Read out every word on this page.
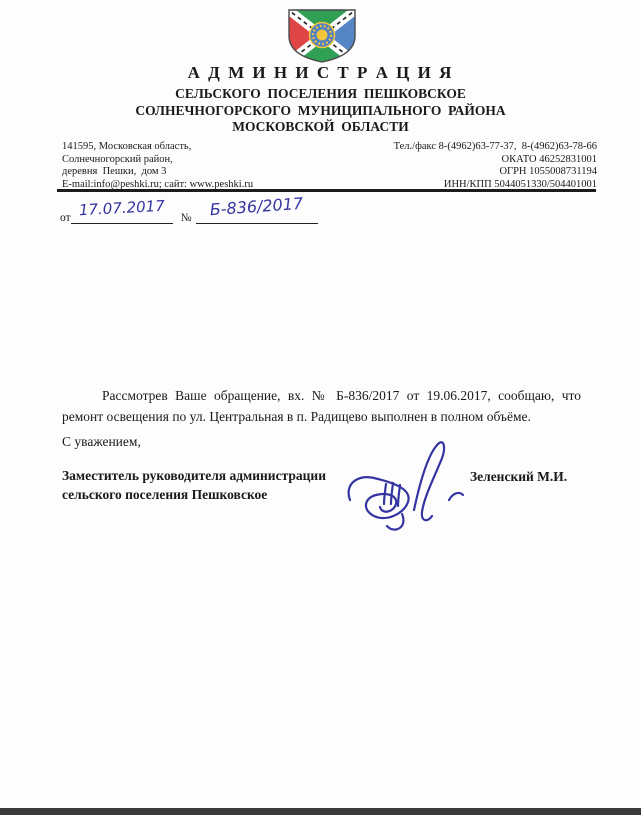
А Д М И Н И С Т Р А Ц И Я
СЕЛЬСКОГО  ПОСЕЛЕНИЯ  ПЕШКОВСКОЕ
СОЛНЕЧНОГОРСКОГО  МУНИЦИПАЛЬНОГО  РАЙОНА
МОСКОВСКОЙ  ОБЛАСТИ
141595, Московская область,
Солнечногорский район,
деревня  Пешки,  дом 3
E-mail:info@peshki.ru; сайт: www.peshki.ru
Тел./факс 8-(4962)63-77-37,  8-(4962)63-78-66
ОКАТО 46252831001
ОГРН 1055008731194
ИНН/КПП 5044051330/504401001
от 17.07.2017	№	Б-836/2017

Рассмотрев Ваше обращение, вх. № Б-836/2017 от 19.06.2017, сообщаю, что ремонт освещения по ул. Центральная в п. Радищево выполнен в полном объёме.

С уважением,
Заместитель руководителя администрации
сельского поселения Пешковское
Зеленский М.И.
